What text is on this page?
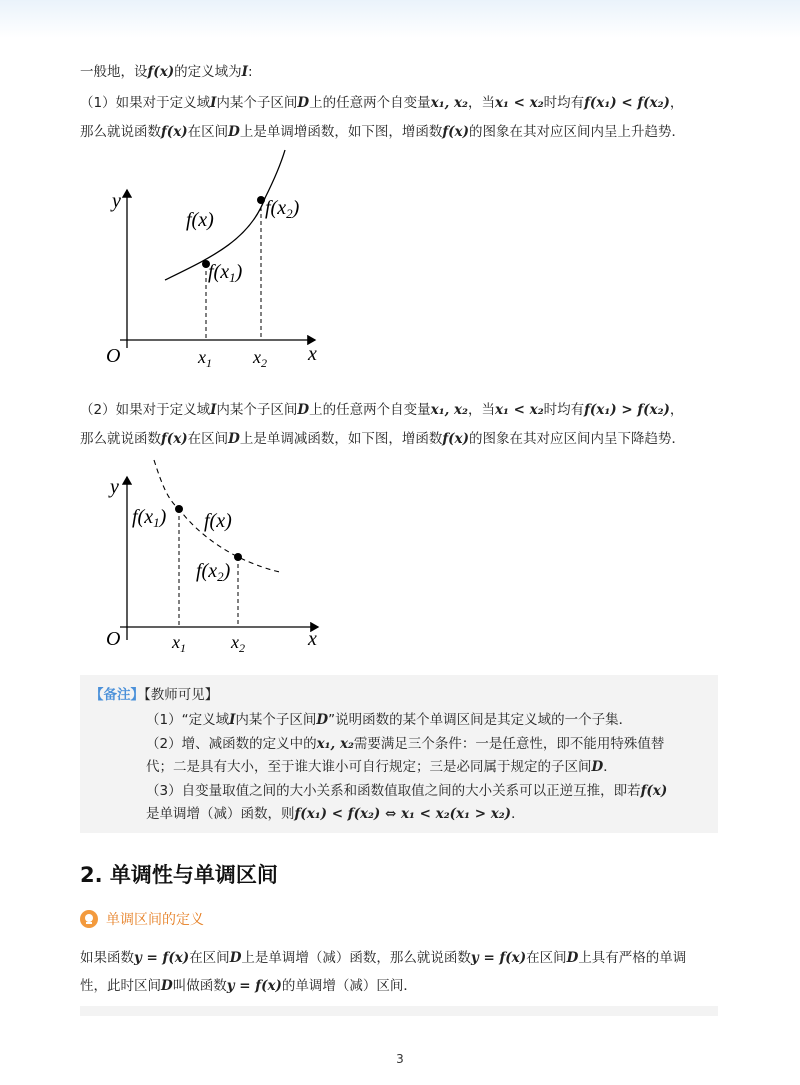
一般地，设f(x)的定义域为I:
（1）如果对于定义域I内某个子区间D上的任意两个自变量x₁, x₂，当x₁ < x₂时均有f(x₁) < f(x₂)，
那么就说函数f(x)在区间D上是单调增函数，如下图，增函数f(x)的图象在其对应区间内呈上升趋势．
y
x
O
f(x)
$f(x_1)$
$f(x_2)$
$x_1$ $x_2$
（2）如果对于定义域I内某个子区间D上的任意两个自变量x₁, x₂，当x₁ < x₂时均有f(x₁) > f(x₂)，
那么就说函数f(x)在区间D上是单调减函数，如下图，增函数f(x)的图象在其对应区间内呈下降趋势．
y
x
O
f(x)
$f(x_1)$
$f(x_2)$
$x_1$	$x_2$
【备注】【教师可见】
（1）“定义域I内某个子区间D”说明函数的某个单调区间是其定义域的一个子集．
（2）增、减函数的定义中的x₁, x₂需要满足三个条件：一是任意性，即不能用特殊值替
代；二是具有大小，至于谁大谁小可自行规定；三是必同属于规定的子区间D．
（3）自变量取值之间的大小关系和函数值取值之间的大小关系可以正逆互推，即若f(x)
是单调增（减）函数，则f(x₁) < f(x₂) ⇔ x₁ < x₂(x₁ > x₂)．
2. 单调性与单调区间
单调区间的定义
如果函数y = f(x)在区间D上是单调增（减）函数，那么就说函数y = f(x)在区间D上具有严格的单调
性，此时区间D叫做函数y = f(x)的单调增（减）区间．
3
